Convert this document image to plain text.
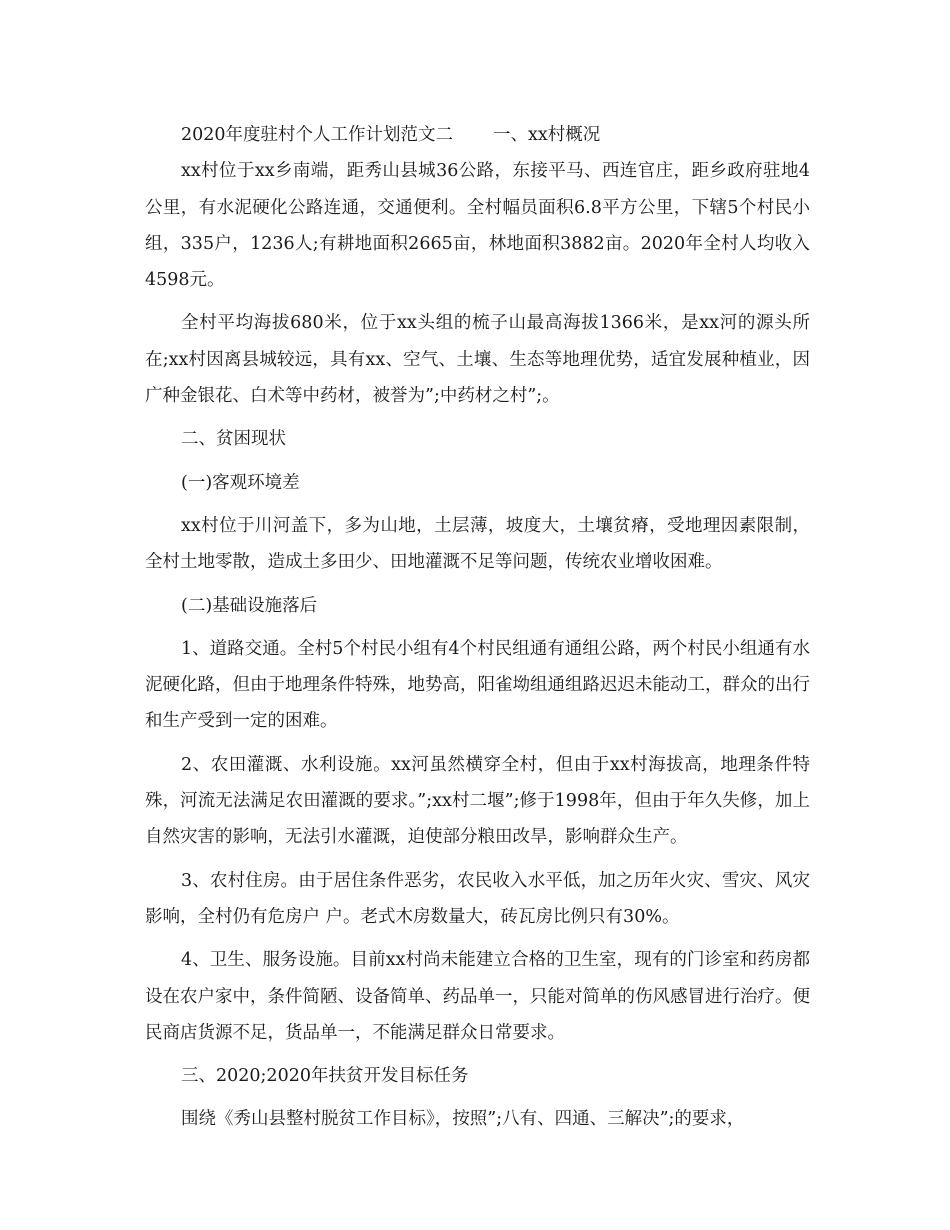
2020年度驻村个人工作计划范文二 一、xx村概况

xx村位于xx乡南端，距秀山县城36公路，东接平马、西连官庄，距乡政府驻地4公里，有水泥硬化公路连通，交通便利。全村幅员面积6.8平方公里，下辖5个村民小组，335户，1236人;有耕地面积2665亩，林地面积3882亩。2020年全村人均收入4598元。

全村平均海拔680米，位于xx头组的梳子山最高海拔1366米，是xx河的源头所在;xx村因离县城较远，具有xx、空气、土壤、生态等地理优势，适宜发展种植业，因广种金银花、白术等中药材，被誉为”;中药材之村”;。

二、贫困现状

(一)客观环境差

xx村位于川河盖下，多为山地，土层薄，坡度大，土壤贫瘠，受地理因素限制，全村土地零散，造成土多田少、田地灌溉不足等问题，传统农业增收困难。

(二)基础设施落后

1、道路交通。全村5个村民小组有4个村民组通有通组公路，两个村民小组通有水泥硬化路，但由于地理条件特殊，地势高，阳雀坳组通组路迟迟未能动工，群众的出行和生产受到一定的困难。

2、农田灌溉、水利设施。xx河虽然横穿全村，但由于xx村海拔高，地理条件特殊，河流无法满足农田灌溉的要求。”;xx村二堰”;修于1998年，但由于年久失修，加上自然灾害的影响，无法引水灌溉，迫使部分粮田改旱，影响群众生产。

3、农村住房。由于居住条件恶劣，农民收入水平低，加之历年火灾、雪灾、风灾影响，全村仍有危房户 户。老式木房数量大，砖瓦房比例只有30%。

4、卫生、服务设施。目前xx村尚未能建立合格的卫生室，现有的门诊室和药房都设在农户家中，条件简陋、设备简单、药品单一，只能对简单的伤风感冒进行治疗。便民商店货源不足，货品单一，不能满足群众日常要求。

三、2020;2020年扶贫开发目标任务

围绕《秀山县整村脱贫工作目标》，按照”;八有、四通、三解决”;的要求，
